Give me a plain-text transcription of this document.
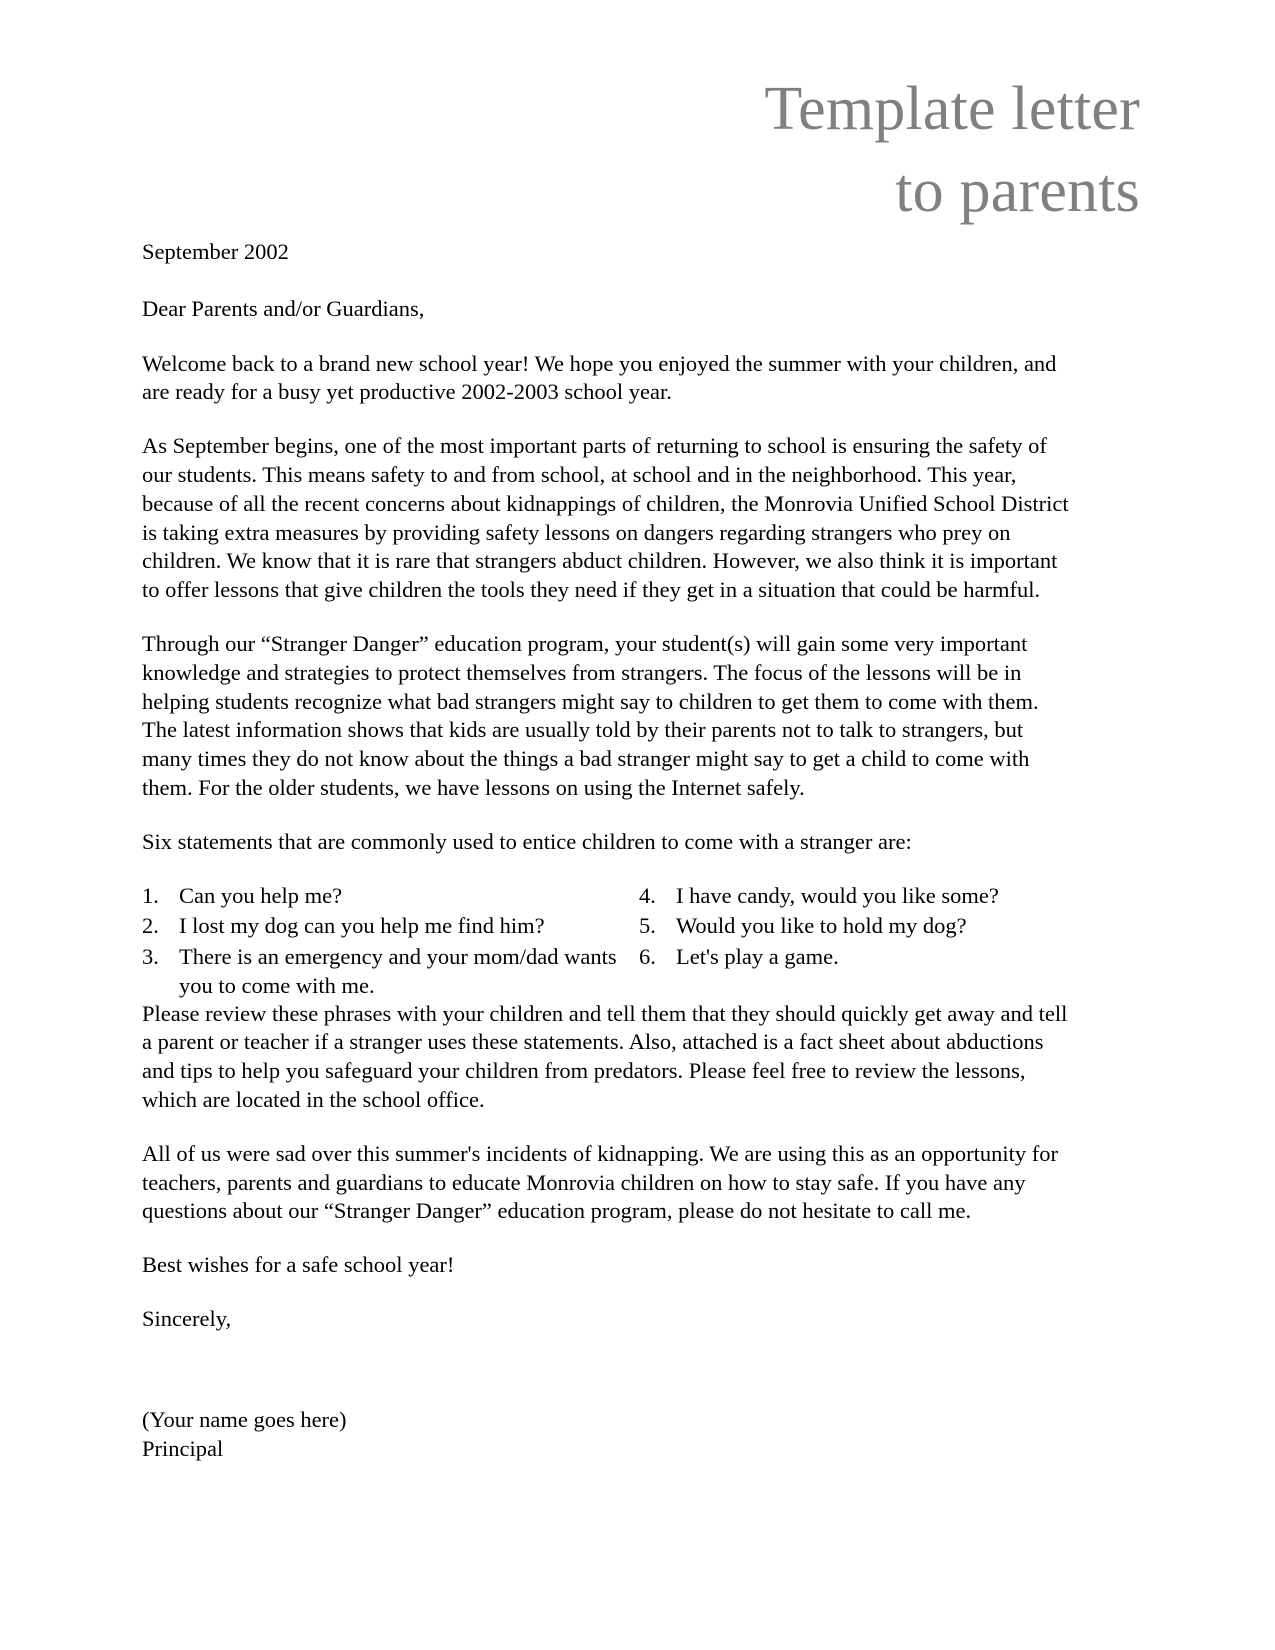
Template letter
to parents

September 2002

Dear Parents and/or Guardians,

Welcome back to a brand new school year! We hope you enjoyed the summer with your children, and are ready for a busy yet productive 2002-2003 school year.

As September begins, one of the most important parts of returning to school is ensuring the safety of our students. This means safety to and from school, at school and in the neighborhood. This year, because of all the recent concerns about kidnappings of children, the Monrovia Unified School District is taking extra measures by providing safety lessons on dangers regarding strangers who prey on children. We know that it is rare that strangers abduct children. However, we also think it is important to offer lessons that give children the tools they need if they get in a situation that could be harmful.

Through our “Stranger Danger” education program, your student(s) will gain some very important knowledge and strategies to protect themselves from strangers. The focus of the lessons will be in helping students recognize what bad strangers might say to children to get them to come with them. The latest information shows that kids are usually told by their parents not to talk to strangers, but many times they do not know about the things a bad stranger might say to get a child to come with them. For the older students, we have lessons on using the Internet safely.

Six statements that are commonly used to entice children to come with a stranger are:

1. Can you help me?
2. I lost my dog can you help me find him?
3. There is an emergency and your mom/dad wants you to come with me.
4. I have candy, would you like some?
5. Would you like to hold my dog?
6. Let's play a game.

Please review these phrases with your children and tell them that they should quickly get away and tell a parent or teacher if a stranger uses these statements. Also, attached is a fact sheet about abductions and tips to help you safeguard your children from predators. Please feel free to review the lessons, which are located in the school office.

All of us were sad over this summer's incidents of kidnapping. We are using this as an opportunity for teachers, parents and guardians to educate Monrovia children on how to stay safe. If you have any questions about our “Stranger Danger” education program, please do not hesitate to call me.

Best wishes for a safe school year!

Sincerely,

(Your name goes here)
Principal
